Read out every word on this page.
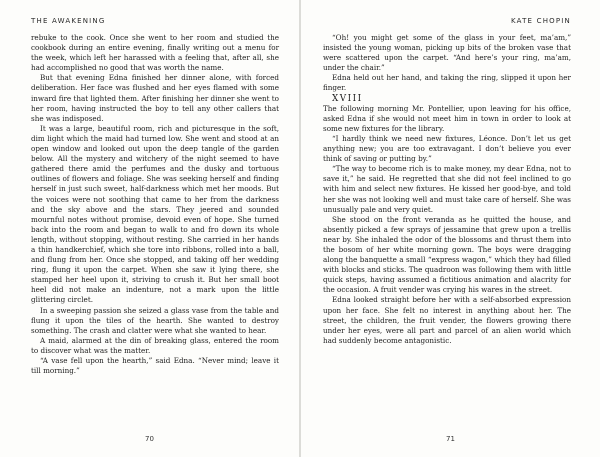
THE AWAKENING

rebuke to the cook. Once she went to her room and studied the cookbook during an entire evening, finally writing out a menu for the week, which left her harassed with a feeling that, after all, she had accomplished no good that was worth the name.

But that evening Edna finished her dinner alone, with forced deliberation. Her face was flushed and her eyes flamed with some inward fire that lighted them. After finishing her dinner she went to her room, having instructed the boy to tell any other callers that she was indisposed.

It was a large, beautiful room, rich and picturesque in the soft, dim light which the maid had turned low. She went and stood at an open window and looked out upon the deep tangle of the garden below. All the mystery and witchery of the night seemed to have gathered there amid the perfumes and the dusky and tortuous outlines of flowers and foliage. She was seeking herself and finding herself in just such sweet, half-darkness which met her moods. But the voices were not soothing that came to her from the darkness and the sky above and the stars. They jeered and sounded mournful notes without promise, devoid even of hope. She turned back into the room and began to walk to and fro down its whole length, without stopping, without resting. She carried in her hands a thin handkerchief, which she tore into ribbons, rolled into a ball, and flung from her. Once she stopped, and taking off her wedding ring, flung it upon the carpet. When she saw it lying there, she stamped her heel upon it, striving to crush it. But her small boot heel did not make an indenture, not a mark upon the little glittering circlet.

In a sweeping passion she seized a glass vase from the table and flung it upon the tiles of the hearth. She wanted to destroy something. The crash and clatter were what she wanted to hear.

A maid, alarmed at the din of breaking glass, entered the room to discover what was the matter.

“A vase fell upon the hearth,” said Edna. “Never mind; leave it till morning.”

70
KATE CHOPIN

“Oh! you might get some of the glass in your feet, ma’am,” insisted the young woman, picking up bits of the broken vase that were scattered upon the carpet. “And here’s your ring, ma’am, under the chair.”

Edna held out her hand, and taking the ring, slipped it upon her finger.

XVIII

The following morning Mr. Pontellier, upon leaving for his office, asked Edna if she would not meet him in town in order to look at some new fixtures for the library.

“I hardly think we need new fixtures, Léonce. Don’t let us get anything new; you are too extravagant. I don’t believe you ever think of saving or putting by.”

“The way to become rich is to make money, my dear Edna, not to save it,” he said. He regretted that she did not feel inclined to go with him and select new fixtures. He kissed her good-bye, and told her she was not looking well and must take care of herself. She was unusually pale and very quiet.

She stood on the front veranda as he quitted the house, and absently picked a few sprays of jessamine that grew upon a trellis near by. She inhaled the odor of the blossoms and thrust them into the bosom of her white morning gown. The boys were dragging along the banquette a small “express wagon,” which they had filled with blocks and sticks. The quadroon was following them with little quick steps, having assumed a fictitious animation and alacrity for the occasion. A fruit vender was crying his wares in the street.

Edna looked straight before her with a self-absorbed expression upon her face. She felt no interest in anything about her. The street, the children, the fruit vender, the flowers growing there under her eyes, were all part and parcel of an alien world which had suddenly become antagonistic.

71
